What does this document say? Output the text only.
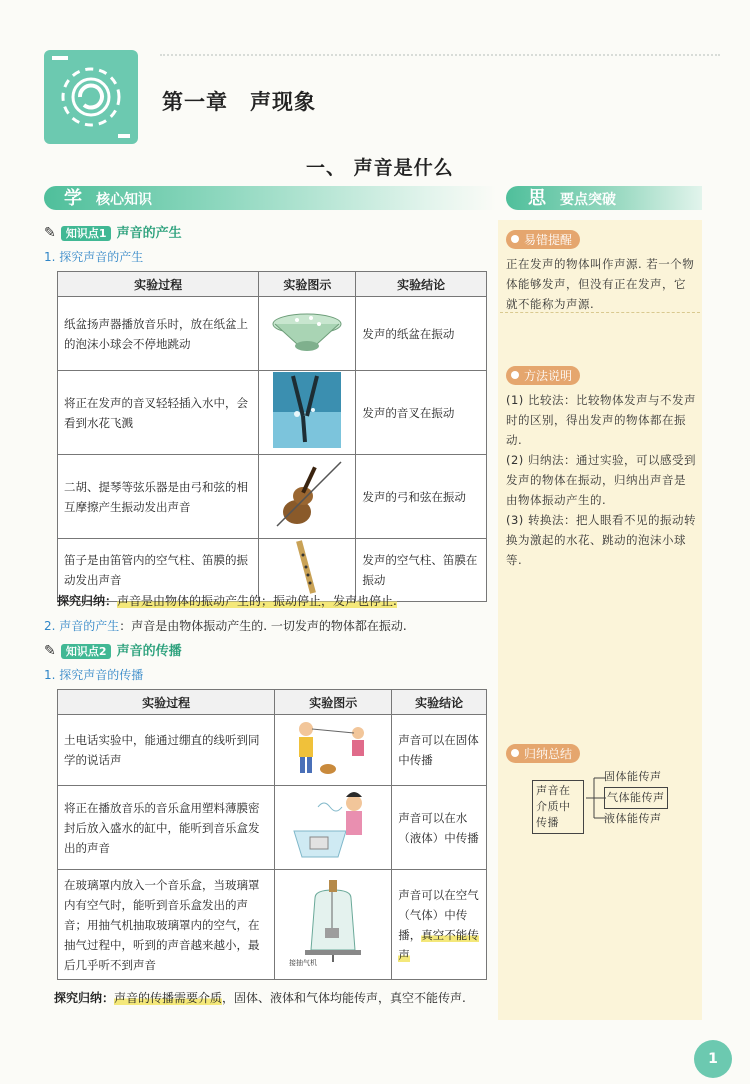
第一章　声现象
一、 声音是什么
学 核心知识	思 要点突破
✎ 知识点1 声音的产生
1. 探究声音的产生
实验过程	实验图示	实验结论
纸盆扬声器播放音乐时，放在纸盆上的泡沫小球会不停地跳动		发声的纸盆在振动
将正在发声的音叉轻轻插入水中，会看到水花飞溅		发声的音叉在振动
二胡、提琴等弦乐器是由弓和弦的相互摩擦产生振动发出声音		发声的弓和弦在振动
笛子是由笛管内的空气柱、笛膜的振动发出声音		发声的空气柱、笛膜在振动
探究归纳：声音是由物体的振动产生的；振动停止，发声也停止.
2. 声音的产生：声音是由物体振动产生的. 一切发声的物体都在振动.
✎ 知识点2 声音的传播
1. 探究声音的传播
实验过程	实验图示	实验结论
土电话实验中，能通过绷直的线听到同学的说话声		声音可以在固体中传播
将正在播放音乐的音乐盒用塑料薄膜密封后放入盛水的缸中，能听到音乐盒发出的声音		声音可以在水（液体）中传播
在玻璃罩内放入一个音乐盒，当玻璃罩内有空气时，能听到音乐盒发出的声音；用抽气机抽取玻璃罩内的空气，在抽气过程中，听到的声音越来越小，最后几乎听不到声音	接抽气机	声音可以在空气（气体）中传播，真空不能传声
探究归纳：声音的传播需要介质，固体、液体和气体均能传声，真空不能传声.
易错提醒
正在发声的物体叫作声源. 若一个物体能够发声，但没有正在发声，它就不能称为声源.
方法说明
(1) 比较法：比较物体发声与不发声时的区别，得出发声的物体都在振动.
(2) 归纳法：通过实验，可以感受到发声的物体在振动，归纳出声音是由物体振动产生的.
(3) 转换法：把人眼看不见的振动转换为激起的水花、跳动的泡沫小球等.
归纳总结
声音在介质中传播
固体能传声
气体能传声
液体能传声
1
